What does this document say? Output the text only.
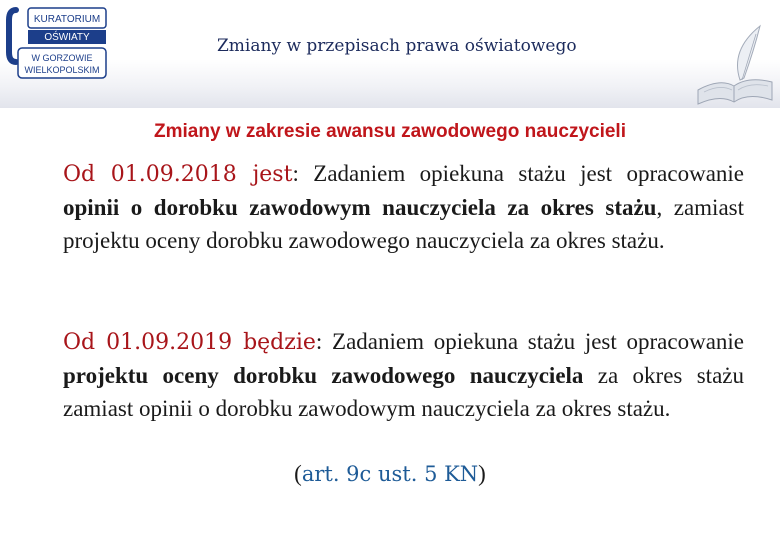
KURATORIUM
OŚWIATY
W GORZOWIE
WIELKOPOLSKIM
Zmiany w przepisach prawa oświatowego
Zmiany w zakresie awansu zawodowego nauczycieli
Od 01.09.2018 jest: Zadaniem opiekuna stażu jest opracowanie opinii o dorobku zawodowym nauczyciela za okres stażu, zamiast projektu oceny dorobku zawodowego nauczyciela za okres stażu.
Od 01.09.2019 będzie: Zadaniem opiekuna stażu jest opracowanie projektu oceny dorobku zawodowego nauczyciela za okres stażu zamiast opinii o dorobku zawodowym nauczyciela za okres stażu.
(art. 9c ust. 5 KN)
